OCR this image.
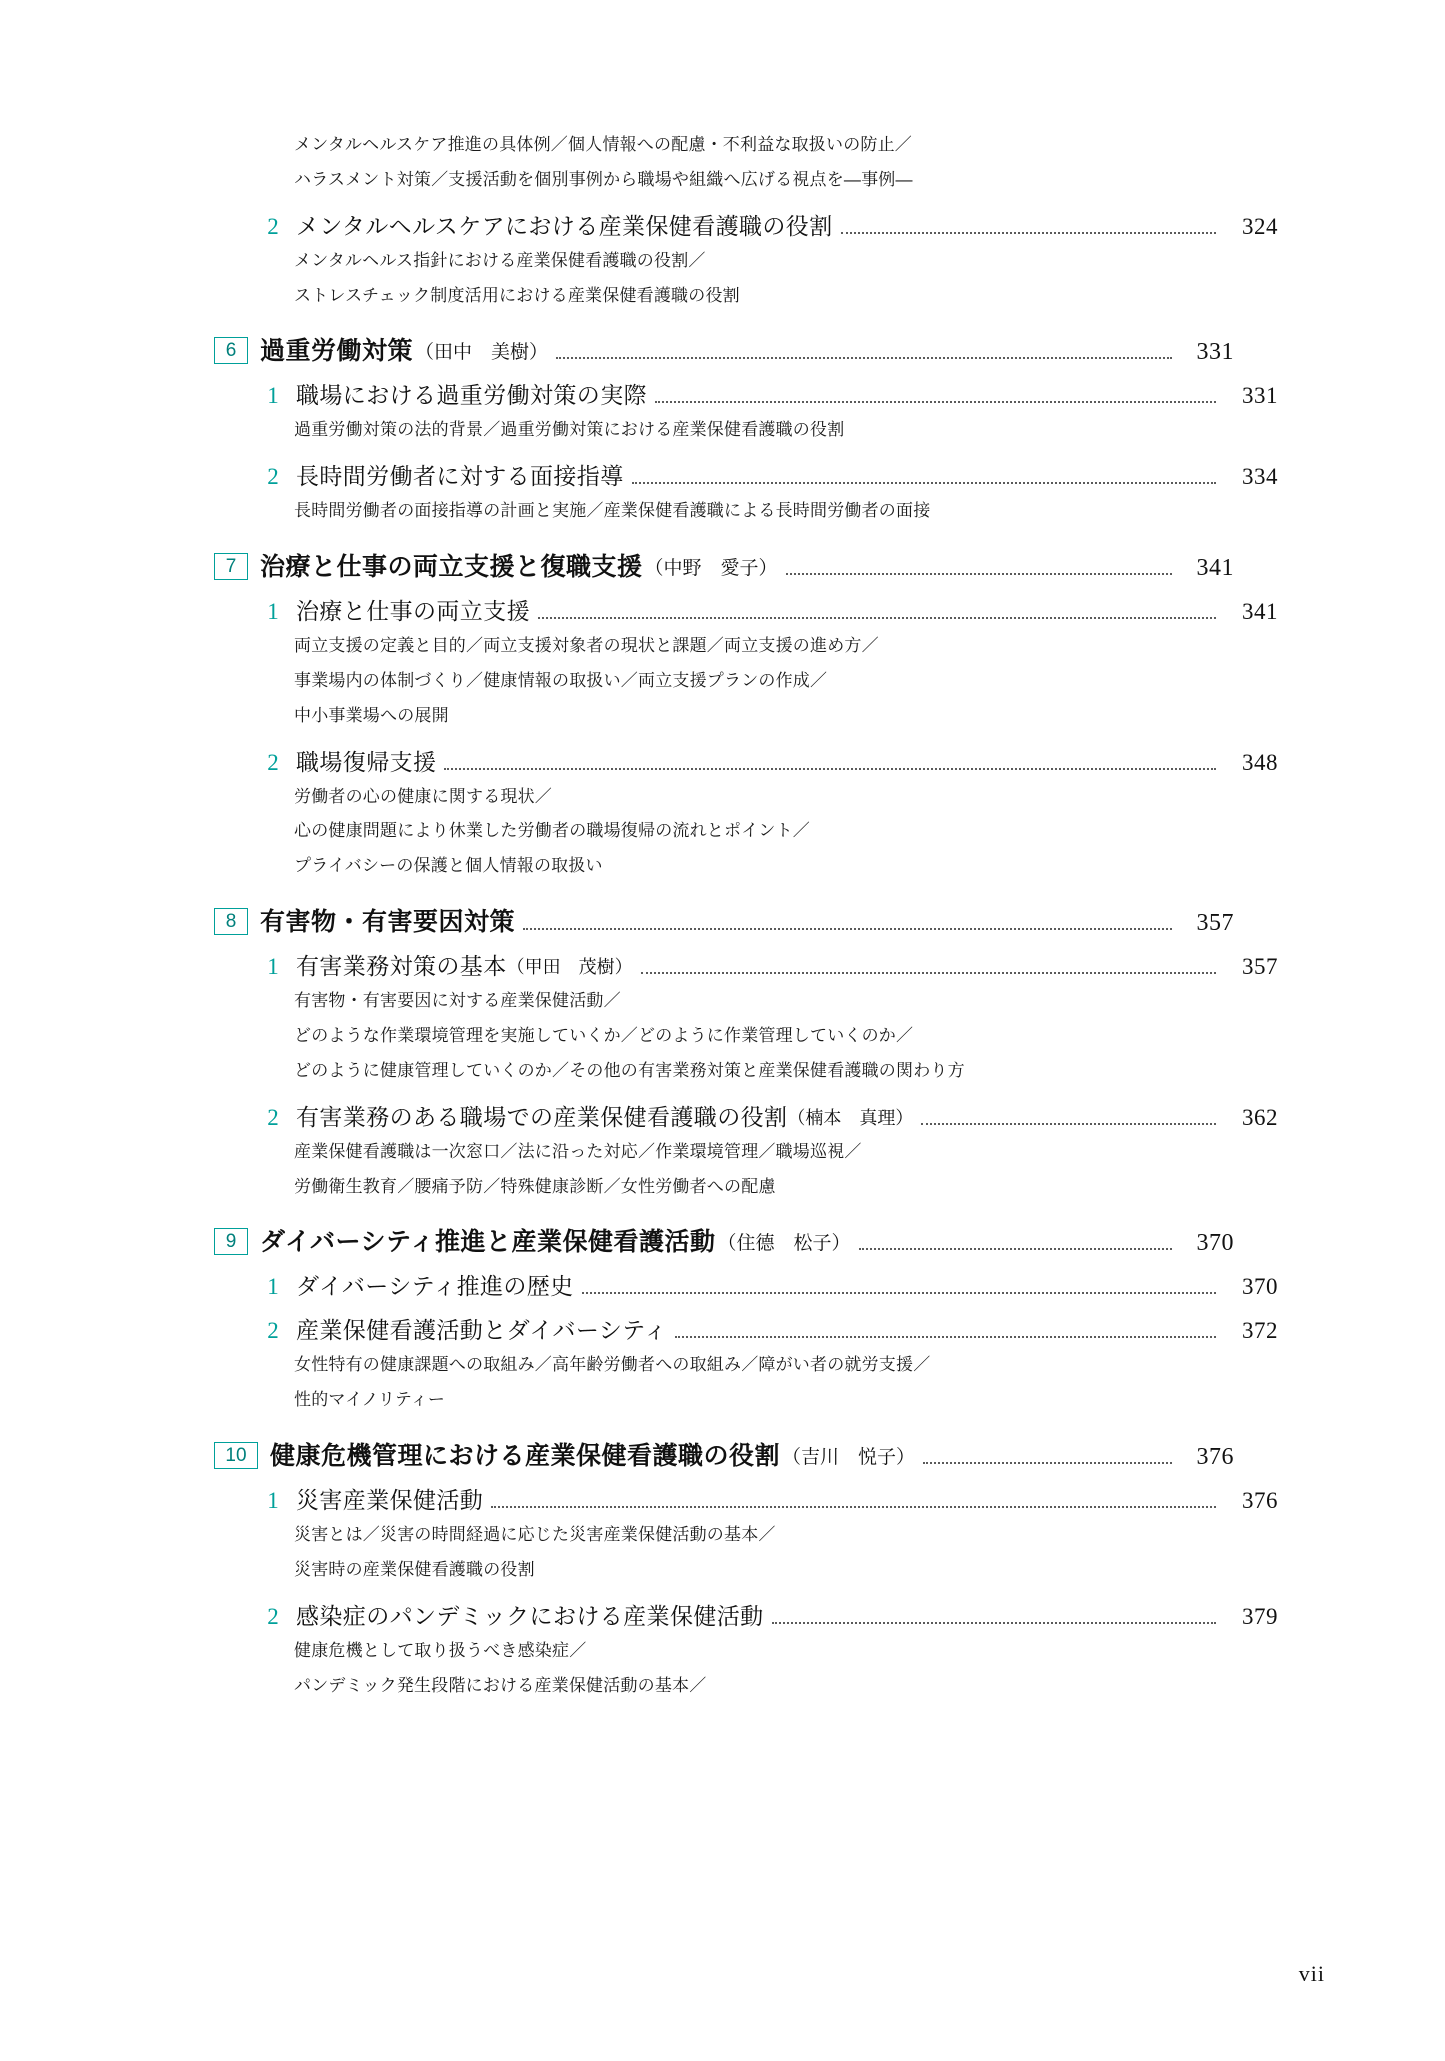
メンタルヘルスケア推進の具体例／個人情報への配慮・不利益な取扱いの防止／
ハラスメント対策／支援活動を個別事例から職場や組織へ広げる視点を―事例―
2 メンタルヘルスケアにおける産業保健看護職の役割	324
メンタルヘルス指針における産業保健看護職の役割／
ストレスチェック制度活用における産業保健看護職の役割
6 過重労働対策 （田中　美樹）	331
1 職場における過重労働対策の実際	331
過重労働対策の法的背景／過重労働対策における産業保健看護職の役割
2 長時間労働者に対する面接指導	334
長時間労働者の面接指導の計画と実施／産業保健看護職による長時間労働者の面接
7 治療と仕事の両立支援と復職支援 （中野　愛子）	341
1 治療と仕事の両立支援	341
両立支援の定義と目的／両立支援対象者の現状と課題／両立支援の進め方／
事業場内の体制づくり／健康情報の取扱い／両立支援プランの作成／
中小事業場への展開
2 職場復帰支援	348
労働者の心の健康に関する現状／
心の健康問題により休業した労働者の職場復帰の流れとポイント／
プライバシーの保護と個人情報の取扱い
8 有害物・有害要因対策	357
1 有害業務対策の基本 （甲田　茂樹）	357
有害物・有害要因に対する産業保健活動／
どのような作業環境管理を実施していくか／どのように作業管理していくのか／
どのように健康管理していくのか／その他の有害業務対策と産業保健看護職の関わり方
2 有害業務のある職場での産業保健看護職の役割 （楠本　真理）	362
産業保健看護職は一次窓口／法に沿った対応／作業環境管理／職場巡視／
労働衛生教育／腰痛予防／特殊健康診断／女性労働者への配慮
9 ダイバーシティ推進と産業保健看護活動 （住德　松子）	370
1 ダイバーシティ推進の歴史	370
2 産業保健看護活動とダイバーシティ	372
女性特有の健康課題への取組み／高年齢労働者への取組み／障がい者の就労支援／
性的マイノリティー
10 健康危機管理における産業保健看護職の役割 （吉川　悦子）	376
1 災害産業保健活動	376
災害とは／災害の時間経過に応じた災害産業保健活動の基本／
災害時の産業保健看護職の役割
2 感染症のパンデミックにおける産業保健活動	379
健康危機として取り扱うべき感染症／
パンデミック発生段階における産業保健活動の基本／
vii
